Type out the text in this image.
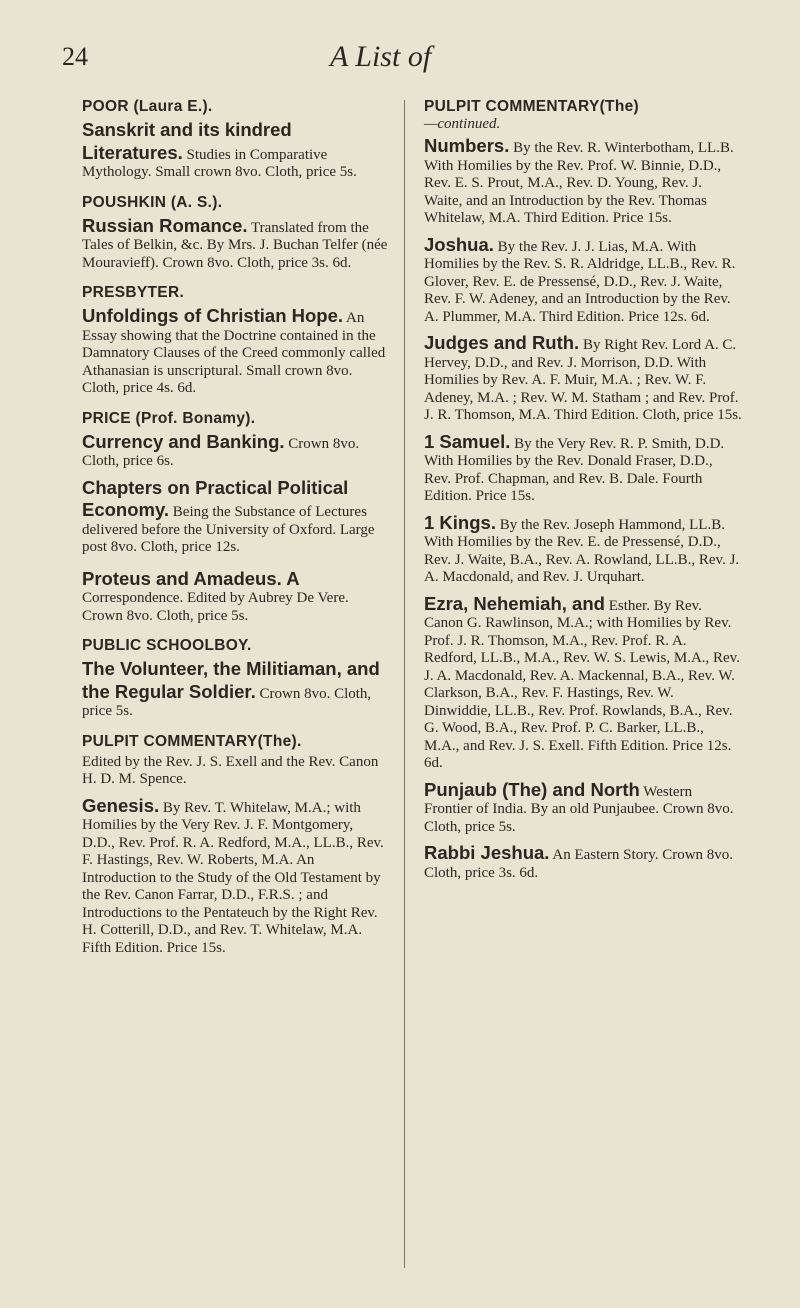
24	A List of
POOR (Laura E.).
Sanskrit and its kindred Literatures. Studies in Comparative Mythology. Small crown 8vo. Cloth, price 5s.
POUSHKIN (A. S.).
Russian Romance. Translated from the Tales of Belkin, &c. By Mrs. J. Buchan Telfer (née Mouravieff). Crown 8vo. Cloth, price 3s. 6d.
PRESBYTER.
Unfoldings of Christian Hope. An Essay showing that the Doctrine contained in the Damnatory Clauses of the Creed commonly called Athanasian is unscriptural. Small crown 8vo. Cloth, price 4s. 6d.
PRICE (Prof. Bonamy).
Currency and Banking. Crown 8vo. Cloth, price 6s.
Chapters on Practical Political Economy. Being the Substance of Lectures delivered before the University of Oxford. Large post 8vo. Cloth, price 12s.
Proteus and Amadeus. A Correspondence. Edited by Aubrey De Vere. Crown 8vo. Cloth, price 5s.
PUBLIC SCHOOLBOY.
The Volunteer, the Militiaman, and the Regular Soldier. Crown 8vo. Cloth, price 5s.
PULPIT COMMENTARY(The).
Edited by the Rev. J. S. Exell and the Rev. Canon H. D. M. Spence.
Genesis. By Rev. T. Whitelaw, M.A.; with Homilies by the Very Rev. J. F. Montgomery, D.D., Rev. Prof. R. A. Redford, M.A., LL.B., Rev. F. Hastings, Rev. W. Roberts, M.A. An Introduction to the Study of the Old Testament by the Rev. Canon Farrar, D.D., F.R.S. ; and Introductions to the Pentateuch by the Right Rev. H. Cotterill, D.D., and Rev. T. Whitelaw, M.A. Fifth Edition. Price 15s.
PULPIT COMMENTARY(The)
—continued.
Numbers. By the Rev. R. Winterbotham, LL.B. With Homilies by the Rev. Prof. W. Binnie, D.D., Rev. E. S. Prout, M.A., Rev. D. Young, Rev. J. Waite, and an Introduction by the Rev. Thomas Whitelaw, M.A. Third Edition. Price 15s.
Joshua. By the Rev. J. J. Lias, M.A. With Homilies by the Rev. S. R. Aldridge, LL.B., Rev. R. Glover, Rev. E. de Pressensé, D.D., Rev. J. Waite, Rev. F. W. Adeney, and an Introduction by the Rev. A. Plummer, M.A. Third Edition. Price 12s. 6d.
Judges and Ruth. By Right Rev. Lord A. C. Hervey, D.D., and Rev. J. Morrison, D.D. With Homilies by Rev. A. F. Muir, M.A. ; Rev. W. F. Adeney, M.A. ; Rev. W. M. Statham ; and Rev. Prof. J. R. Thomson, M.A. Third Edition. Cloth, price 15s.
1 Samuel. By the Very Rev. R. P. Smith, D.D. With Homilies by the Rev. Donald Fraser, D.D., Rev. Prof. Chapman, and Rev. B. Dale. Fourth Edition. Price 15s.
1 Kings. By the Rev. Joseph Hammond, LL.B. With Homilies by the Rev. E. de Pressensé, D.D., Rev. J. Waite, B.A., Rev. A. Rowland, LL.B., Rev. J. A. Macdonald, and Rev. J. Urquhart.
Ezra, Nehemiah, and Esther. By Rev. Canon G. Rawlinson, M.A.; with Homilies by Rev. Prof. J. R. Thomson, M.A., Rev. Prof. R. A. Redford, LL.B., M.A., Rev. W. S. Lewis, M.A., Rev. J. A. Macdonald, Rev. A. Mackennal, B.A., Rev. W. Clarkson, B.A., Rev. F. Hastings, Rev. W. Dinwiddie, LL.B., Rev. Prof. Rowlands, B.A., Rev. G. Wood, B.A., Rev. Prof. P. C. Barker, LL.B., M.A., and Rev. J. S. Exell. Fifth Edition. Price 12s. 6d.
Punjaub (The) and North Western Frontier of India. By an old Punjaubee. Crown 8vo. Cloth, price 5s.
Rabbi Jeshua. An Eastern Story. Crown 8vo. Cloth, price 3s. 6d.
